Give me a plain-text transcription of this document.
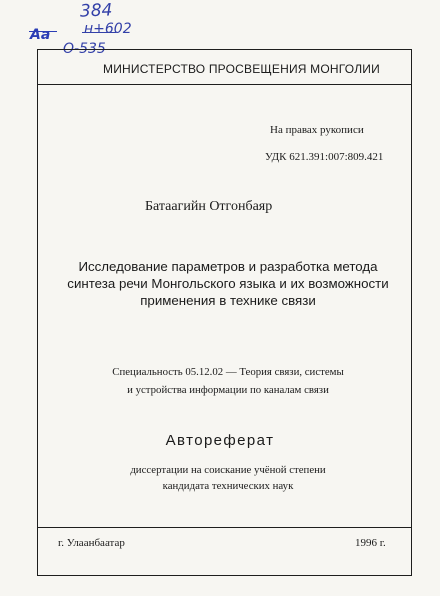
384
Аа н+602
О-535
МИНИСТЕРСТВО ПРОСВЕЩЕНИЯ МОНГОЛИИ
На правах рукописи
УДК 621.391:007:809.421
Батаагийн Отгонбаяр
Исследование параметров и разработка метода
синтеза речи Монгольского языка и их возможности
применения в технике связи
Специальность 05.12.02 — Теория связи, системы
и устройства информации по каналам связи
Автореферат
диссертации на соискание учёной степени
кандидата технических наук
г. Улаанбаатар	1996 г.
